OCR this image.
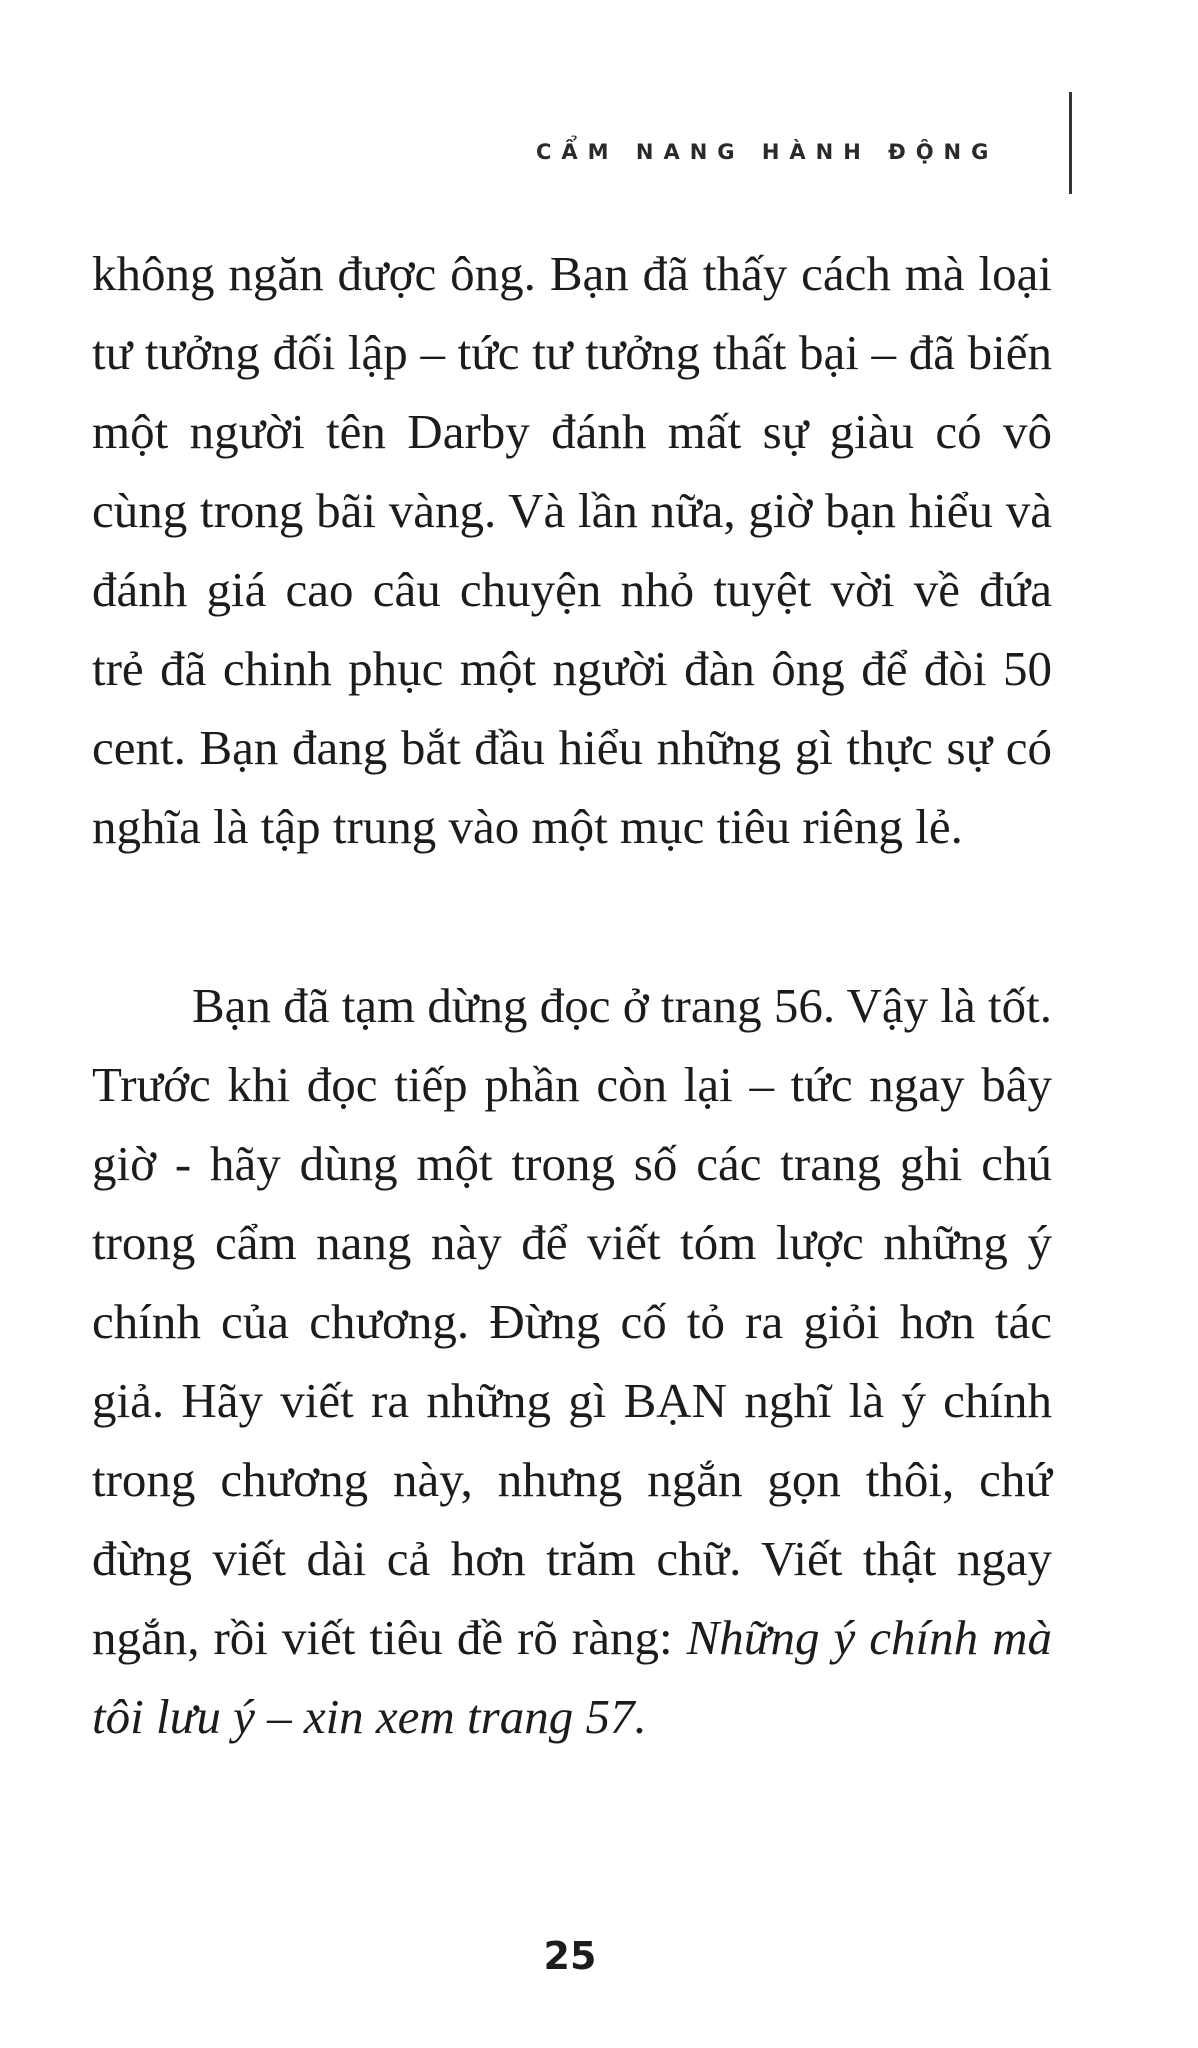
CẨM NANG HÀNH ĐỘNG
không ngăn được ông. Bạn đã thấy cách mà loại tư tưởng đối lập – tức tư tưởng thất bại – đã biến một người tên Darby đánh mất sự giàu có vô cùng trong bãi vàng. Và lần nữa, giờ bạn hiểu và đánh giá cao câu chuyện nhỏ tuyệt vời về đứa trẻ đã chinh phục một người đàn ông để đòi 50 cent. Bạn đang bắt đầu hiểu những gì thực sự có nghĩa là tập trung vào một mục tiêu riêng lẻ.
Bạn đã tạm dừng đọc ở trang 56. Vậy là tốt. Trước khi đọc tiếp phần còn lại – tức ngay bây giờ - hãy dùng một trong số các trang ghi chú trong cẩm nang này để viết tóm lược những ý chính của chương. Đừng cố tỏ ra giỏi hơn tác giả. Hãy viết ra những gì BẠN nghĩ là ý chính trong chương này, nhưng ngắn gọn thôi, chứ đừng viết dài cả hơn trăm chữ. Viết thật ngay ngắn, rồi viết tiêu đề rõ ràng: Những ý chính mà tôi lưu ý – xin xem trang 57.
25
